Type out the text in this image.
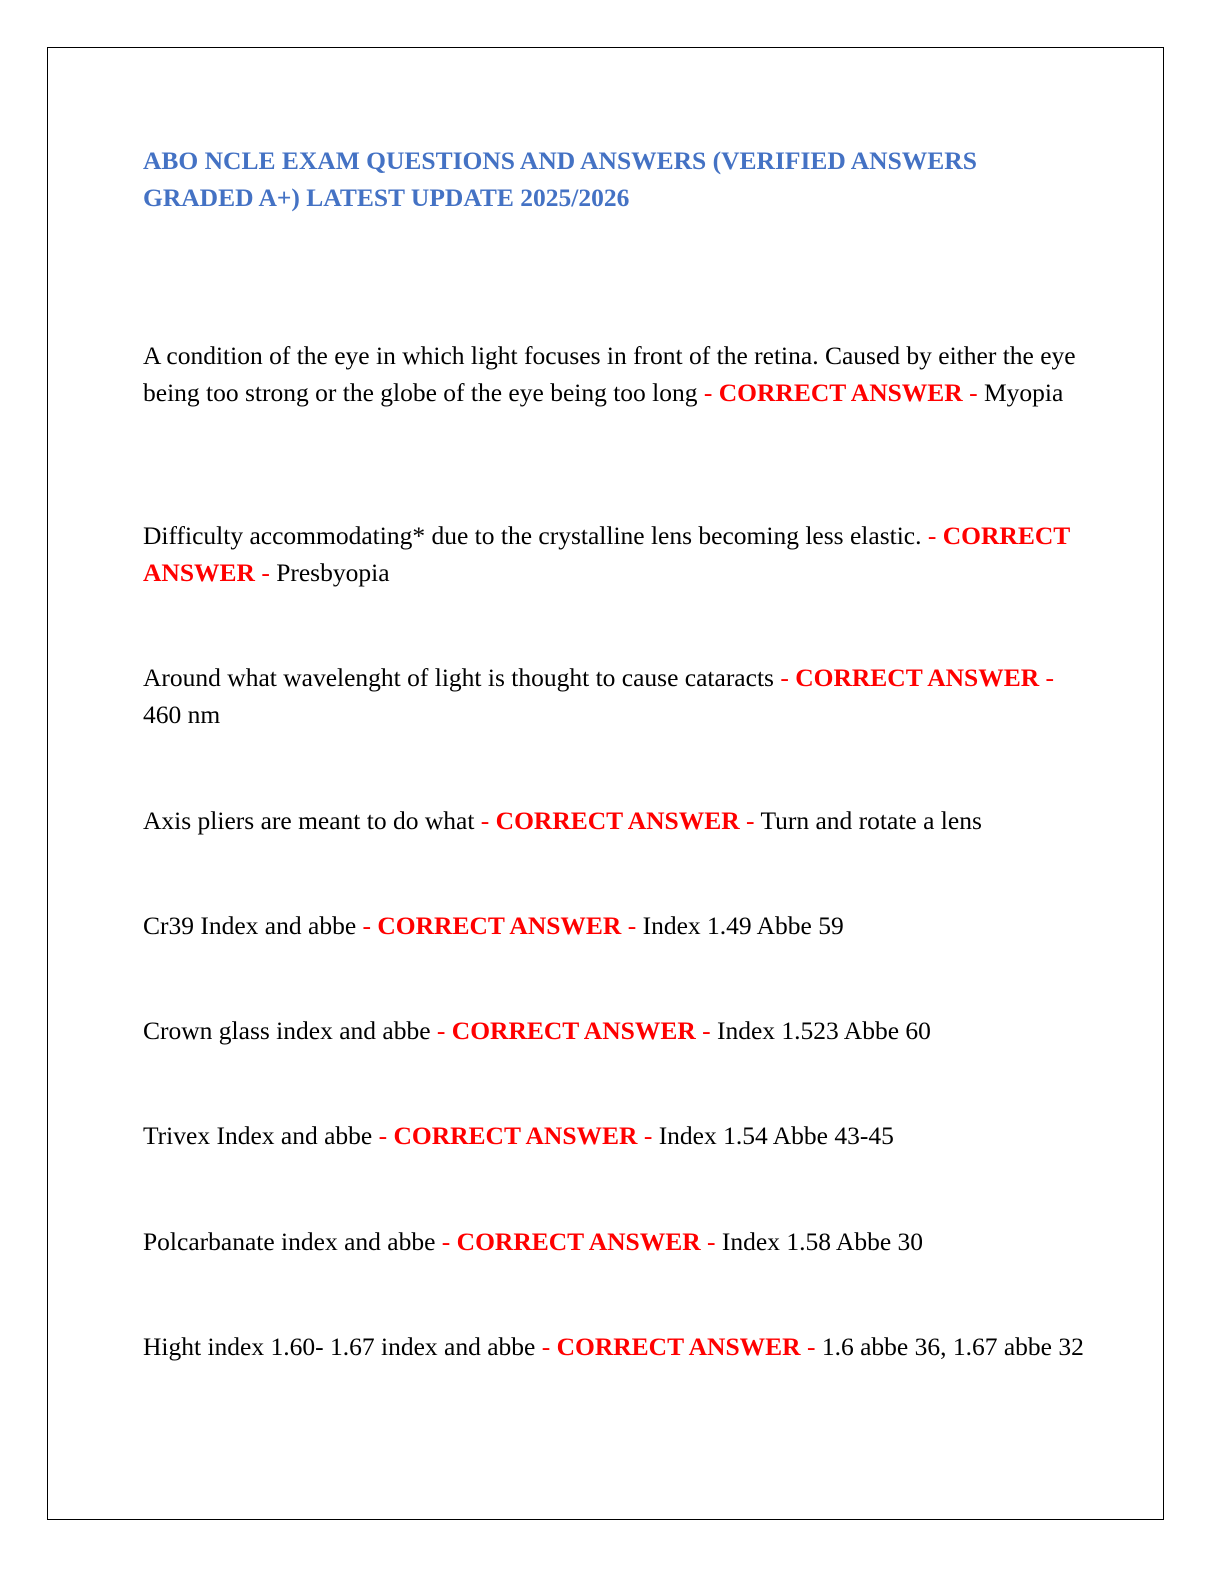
ABO NCLE EXAM QUESTIONS AND ANSWERS (VERIFIED ANSWERS GRADED A+) LATEST UPDATE 2025/2026

A condition of the eye in which light focuses in front of the retina. Caused by either the eye being too strong or the globe of the eye being too long - CORRECT ANSWER - Myopia

Difficulty accommodating* due to the crystalline lens becoming less elastic. - CORRECT ANSWER - Presbyopia

Around what wavelenght of light is thought to cause cataracts - CORRECT ANSWER - 460 nm

Axis pliers are meant to do what - CORRECT ANSWER - Turn and rotate a lens

Cr39 Index and abbe - CORRECT ANSWER - Index 1.49 Abbe 59

Crown glass index and abbe - CORRECT ANSWER - Index 1.523 Abbe 60

Trivex Index and abbe - CORRECT ANSWER - Index 1.54 Abbe 43-45

Polcarbanate index and abbe - CORRECT ANSWER - Index 1.58 Abbe 30

Hight index 1.60- 1.67 index and abbe - CORRECT ANSWER - 1.6 abbe 36, 1.67 abbe 32
